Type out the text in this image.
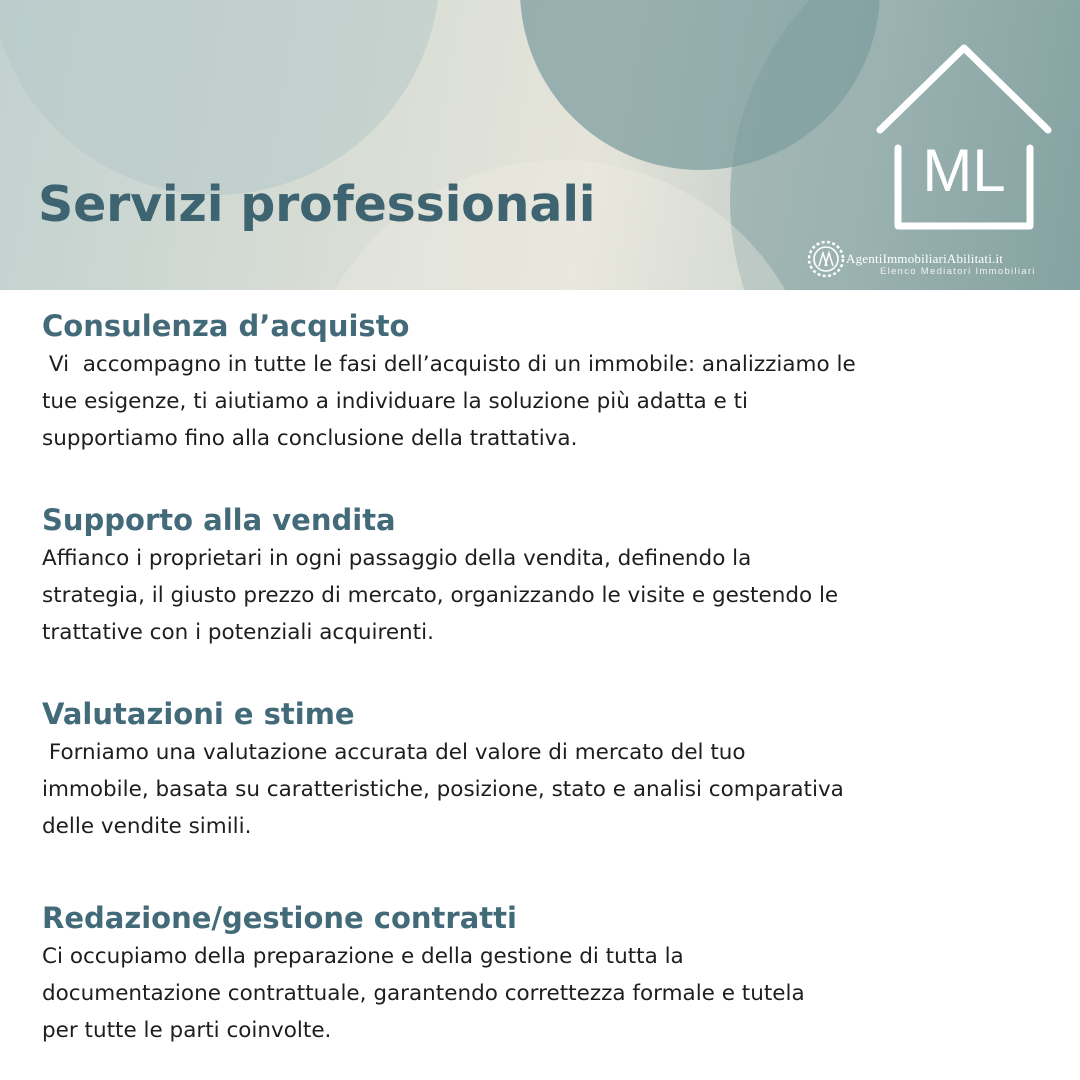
Servizi professionali
ML
AgentiImmobiliariAbilitati.it
Elenco Mediatori Immobiliari
Consulenza d’acquisto

Vi  accompagno in tutte le fasi dell’acquisto di un immobile: analizziamo le
tue esigenze, ti aiutiamo a individuare la soluzione più adatta e ti
supportiamo fino alla conclusione della trattativa.

Supporto alla vendita

Affianco i proprietari in ogni passaggio della vendita, definendo la
strategia, il giusto prezzo di mercato, organizzando le visite e gestendo le
trattative con i potenziali acquirenti.

Valutazioni e stime

Forniamo una valutazione accurata del valore di mercato del tuo
immobile, basata su caratteristiche, posizione, stato e analisi comparativa
delle vendite simili.

Redazione/gestione contratti

Ci occupiamo della preparazione e della gestione di tutta la
documentazione contrattuale, garantendo correttezza formale e tutela
per tutte le parti coinvolte.
